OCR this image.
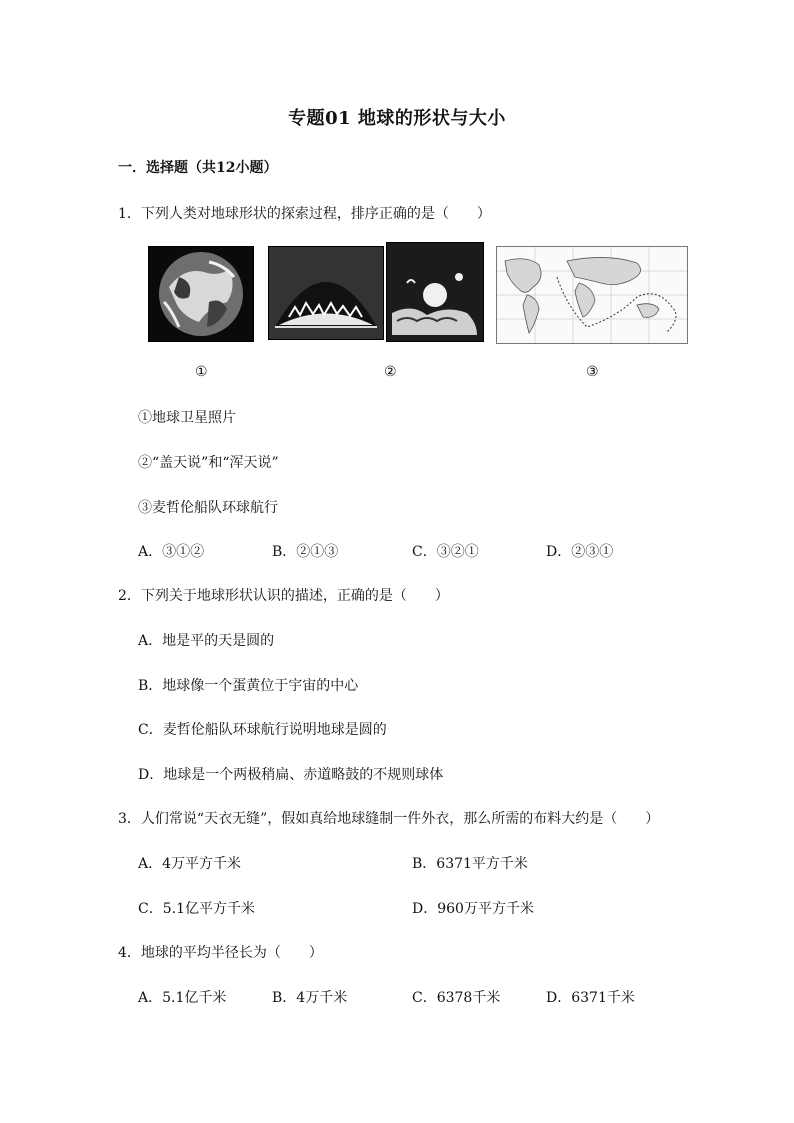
专题01 地球的形状与大小
一．选择题（共12小题）
1．下列人类对地球形状的探索过程，排序正确的是（　　）
①	②	③
①地球卫星照片
②“盖天说”和“浑天说”
③麦哲伦船队环球航行
A．③①②	B．②①③	C．③②①	D．②③①
2．下列关于地球形状认识的描述，正确的是（　　）
A．地是平的天是圆的
B．地球像一个蛋黄位于宇宙的中心
C．麦哲伦船队环球航行说明地球是圆的
D．地球是一个两极稍扁、赤道略鼓的不规则球体
3．人们常说“天衣无缝”，假如真给地球缝制一件外衣，那么所需的布料大约是（　　）
A．4万平方千米	B．6371平方千米
C．5.1亿平方千米	D．960万平方千米
4．地球的平均半径长为（　　）
A．5.1亿千米	B．4万千米	C．6378千米	D．6371千米
